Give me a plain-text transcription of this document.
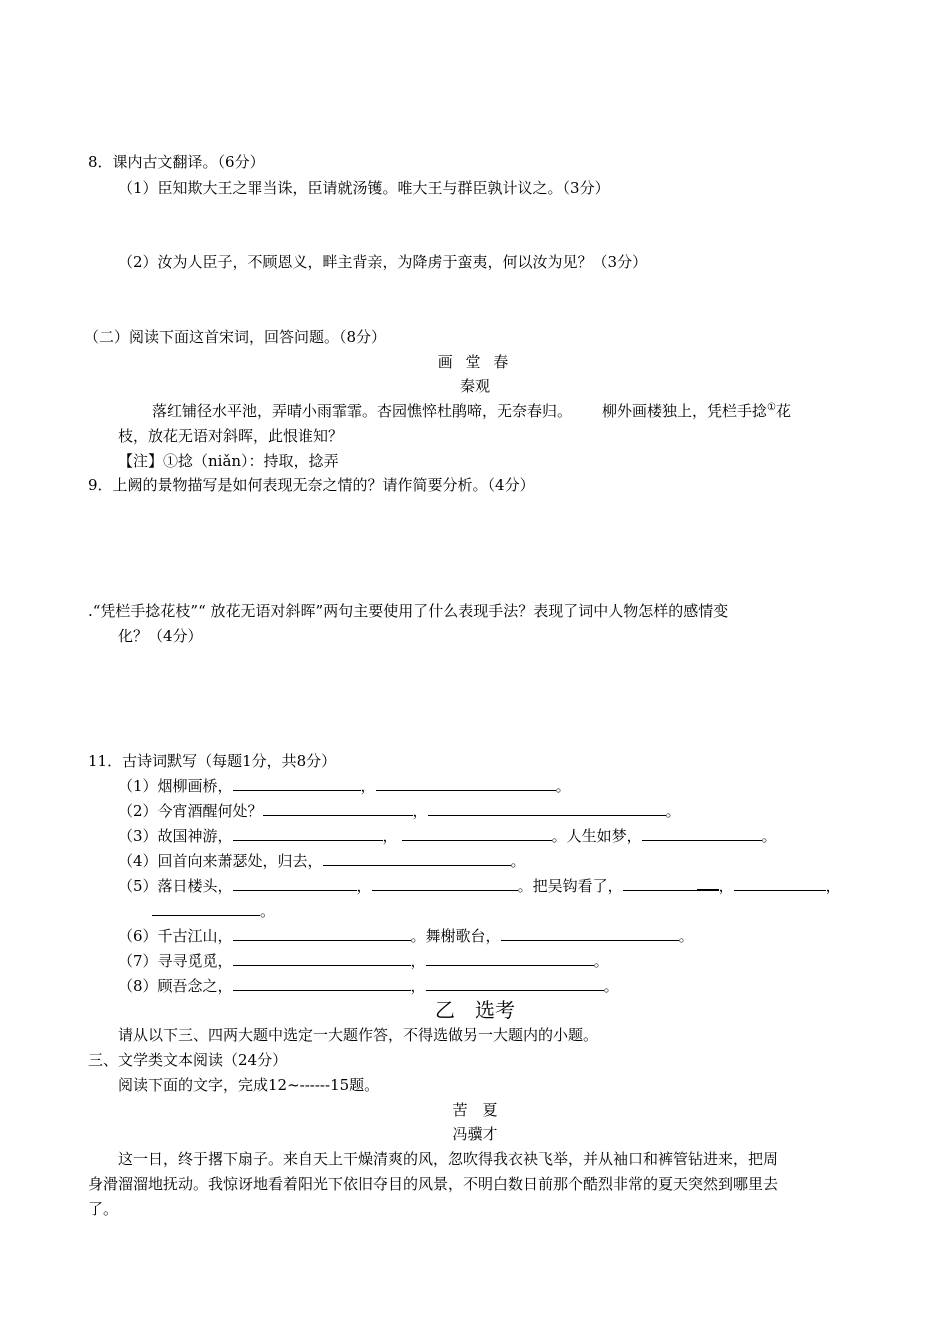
8．课内古文翻译。（6分）
（1）臣知欺大王之罪当诛，臣请就汤镬。唯大王与群臣孰计议之。（3分）
（2）汝为人臣子，不顾恩义，畔主背亲，为降虏于蛮夷，何以汝为见？（3分）
（二）阅读下面这首宋词，回答问题。（8分）
画 堂 春
秦观
落红铺径水平池，弄晴小雨霏霏。杏园憔悴杜鹃啼，无奈春归。 柳外画楼独上，凭栏手捻①花
枝，放花无语对斜晖，此恨谁知？
【注】①捻（niǎn）：持取，捻弄
9．上阙的景物描写是如何表现无奈之情的？请作简要分析。（4分）
.“凭栏手捻花枝”“ 放花无语对斜晖”两句主要使用了什么表现手法？表现了词中人物怎样的感情变
化？（4分）
11．古诗词默写（每题1分，共8分）
（1）烟柳画桥，	，	。
（2）今宵酒醒何处？	，	。
（3）故国神游，	，	。人生如梦，	。
（4）回首向来萧瑟处，归去，	。
（5）落日楼头，	，	。把吴钩看了，	，	，
。
（6）千古江山，	。舞榭歌台，	。
（7）寻寻觅觅，	，	。
（8）顾吾念之，	，	。
乙　选考
请从以下三、四两大题中选定一大题作答，不得选做另一大题内的小题。
三、文学类文本阅读（24分）
阅读下面的文字，完成12~------15题。
苦　夏
冯骥才
这一日，终于撂下扇子。来自天上干燥清爽的风，忽吹得我衣袂飞举，并从袖口和裤管钻进来，把周
身滑溜溜地抚动。我惊讶地看着阳光下依旧夺目的风景，不明白数日前那个酷烈非常的夏天突然到哪里去
了。
